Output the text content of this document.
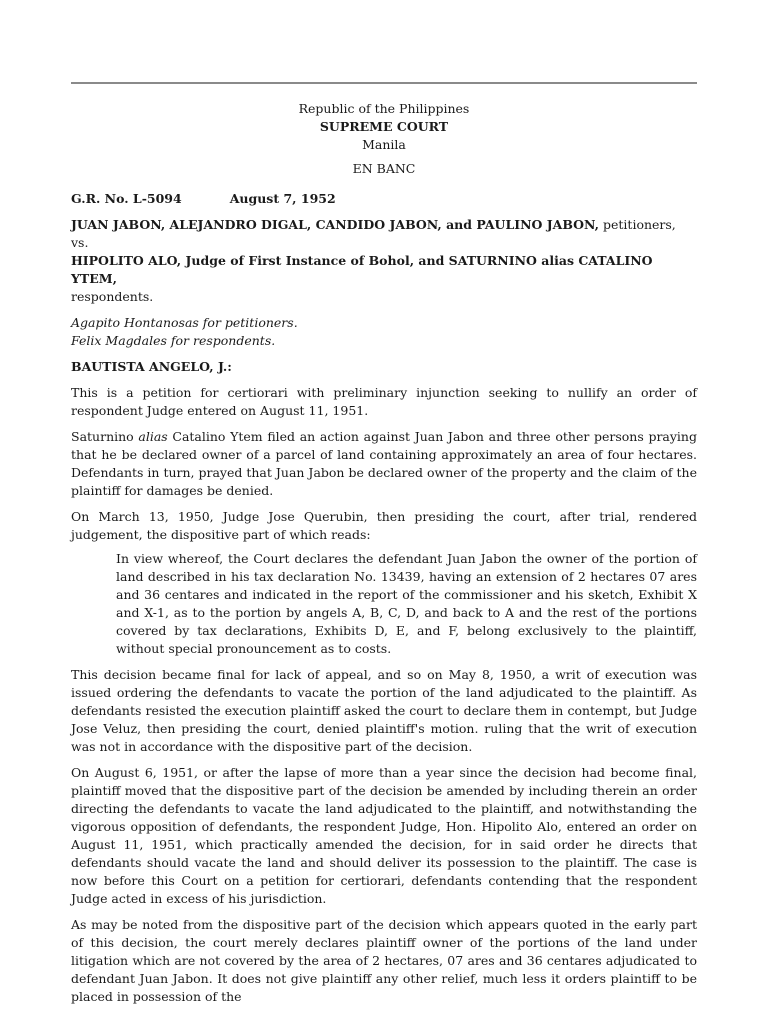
Republic of the Philippines

SUPREME COURT

Manila

EN BANC

G.R. No. L-5094	August 7, 1952

JUAN JABON, ALEJANDRO DIGAL, CANDIDO JABON, and PAULINO JABON, petitioners,

vs.

HIPOLITO ALO, Judge of First Instance of Bohol, and SATURNINO alias CATALINO YTEM,

respondents.

Agapito Hontanosas for petitioners.

Felix Magdales for respondents.

BAUTISTA ANGELO, J.:

This is a petition for certiorari with preliminary injunction seeking to nullify an order of respondent Judge entered on August 11, 1951.

Saturnino alias Catalino Ytem filed an action against Juan Jabon and three other persons praying that he be declared owner of a parcel of land containing approximately an area of four hectares. Defendants in turn, prayed that Juan Jabon be declared owner of the property and the claim of the plaintiff for damages be denied.

On March 13, 1950, Judge Jose Querubin, then presiding the court, after trial, rendered judgement, the dispositive part of which reads:

In view whereof, the Court declares the defendant Juan Jabon the owner of the portion of land described in his tax declaration No. 13439, having an extension of 2 hectares 07 ares and 36 centares and indicated in the report of the commissioner and his sketch, Exhibit X and X-1, as to the portion by angels A, B, C, D, and back to A and the rest of the portions covered by tax declarations, Exhibits D, E, and F, belong exclusively to the plaintiff, without special pronouncement as to costs.

This decision became final for lack of appeal, and so on May 8, 1950, a writ of execution was issued ordering the defendants to vacate the portion of the land adjudicated to the plaintiff. As defendants resisted the execution plaintiff asked the court to declare them in contempt, but Judge Jose Veluz, then presiding the court, denied plaintiff's motion. ruling that the writ of execution was not in accordance with the dispositive part of the decision.

On August 6, 1951, or after the lapse of more than a year since the decision had become final, plaintiff moved that the dispositive part of the decision be amended by including therein an order directing the defendants to vacate the land adjudicated to the plaintiff, and notwithstanding the vigorous opposition of defendants, the respondent Judge, Hon. Hipolito Alo, entered an order on August 11, 1951, which practically amended the decision, for in said order he directs that defendants should vacate the land and should deliver its possession to the plaintiff. The case is now before this Court on a petition for certiorari, defendants contending that the respondent Judge acted in excess of his jurisdiction.

As may be noted from the dispositive part of the decision which appears quoted in the early part of this decision, the court merely declares plaintiff owner of the portions of the land under litigation which are not covered by the area of 2 hectares, 07 ares and 36 centares adjudicated to defendant Juan Jabon. It does not give plaintiff any other relief, much less it orders plaintiff to be placed in possession of the
